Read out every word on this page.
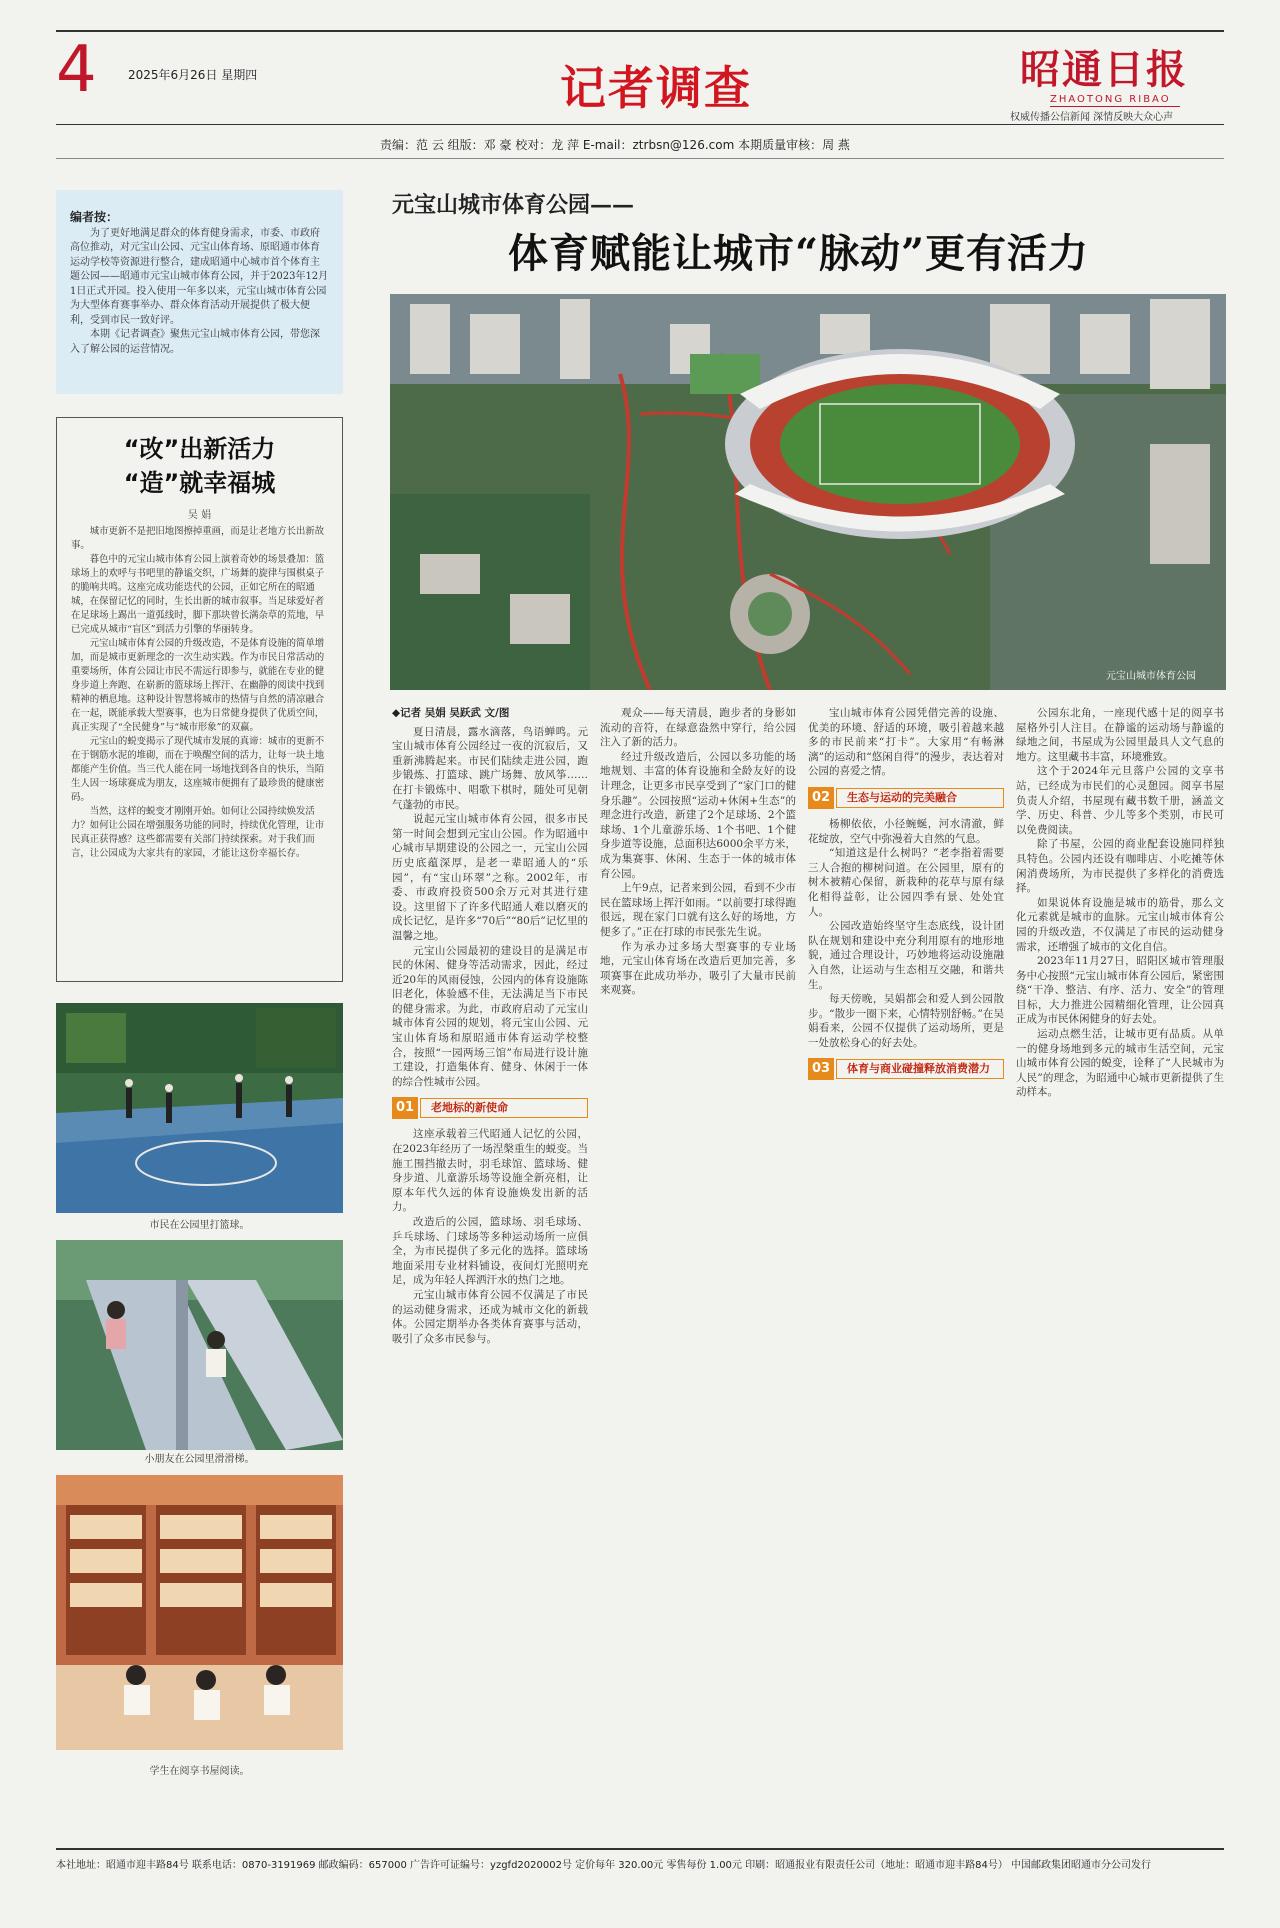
4	2025年6月26日 星期四	记者调查	昭通日报
ZHAOTONG RIBAO
权威传播公信新闻 深情反映大众心声
责编：范 云 组版：邓 豪 校对：龙 萍 E-mail：ztrbsn@126.com 本期质量审核：周 燕
编者按：

为了更好地满足群众的体育健身需求，市委、市政府高位推动，对元宝山公园、元宝山体育场、原昭通市体育运动学校等资源进行整合，建成昭通中心城市首个体育主题公园——昭通市元宝山城市体育公园，并于2023年12月1日正式开园。投入使用一年多以来，元宝山城市体育公园为大型体育赛事举办、群众体育活动开展提供了极大便利，受到市民一致好评。

本期《记者调查》聚焦元宝山城市体育公园，带您深入了解公园的运营情况。

“改”出新活力
“造”就幸福城
吴 娟

城市更新不是把旧地图擦掉重画，而是让老地方长出新故事。

暮色中的元宝山城市体育公园上演着奇妙的场景叠加：篮球场上的欢呼与书吧里的静谧交织，广场舞的旋律与围棋桌子的脆响共鸣。这座完成功能迭代的公园，正如它所在的昭通城，在保留记忆的同时，生长出新的城市叙事。当足球爱好者在足球场上踢出一道弧线时，脚下那块曾长满杂草的荒地，早已完成从城市“盲区”到活力引擎的华丽转身。

元宝山城市体育公园的升级改造，不是体育设施的简单增加，而是城市更新理念的一次生动实践。作为市民日常活动的重要场所，体育公园让市民不需远行即参与，就能在专业的健身步道上奔跑、在崭新的篮球场上挥汗、在幽静的阅读中找到精神的栖息地。这种设计智慧将城市的热情与自然的清凉融合在一起，既能承载大型赛事，也为日常健身提供了优质空间，真正实现了“全民健身”与“城市形象”的双赢。

元宝山的蜕变揭示了现代城市发展的真谛：城市的更新不在于钢筋水泥的堆砌，而在于唤醒空间的活力，让每一块土地都能产生价值。当三代人能在同一场地找到各自的快乐，当陌生人因一场球赛成为朋友，这座城市便拥有了最珍贵的健康密码。

当然，这样的蜕变才刚刚开始。如何让公园持续焕发活力？如何让公园在增强服务功能的同时，持续优化管理，让市民真正获得感？这些都需要有关部门持续探索。对于我们而言，让公园成为大家共有的家园，才能让这份幸福长存。

市民在公园里打篮球。
小朋友在公园里滑滑梯。
学生在阅享书屋阅读。
元宝山城市体育公园——
体育赋能让城市“脉动”更有活力
元宝山城市体育公园
◆记者 吴娟 吴跃武 文/图

夏日清晨，露水滴落，鸟语蝉鸣。元宝山城市体育公园经过一夜的沉寂后，又重新沸腾起来。市民们陆续走进公园，跑步锻炼、打篮球、跳广场舞、放风筝……在打卡锻炼中、唱歌下棋时，随处可见朝气蓬勃的市民。

说起元宝山城市体育公园，很多市民第一时间会想到元宝山公园。作为昭通中心城市早期建设的公园之一，元宝山公园历史底蕴深厚，是老一辈昭通人的“乐园”，有“宝山环翠”之称。2002年，市委、市政府投资500余万元对其进行建设。这里留下了许多代昭通人难以磨灭的成长记忆，是许多“70后”“80后”记忆里的温馨之地。

元宝山公园最初的建设目的是满足市民的休闲、健身等活动需求，因此，经过近20年的风雨侵蚀，公园内的体育设施陈旧老化，体验感不佳，无法满足当下市民的健身需求。为此，市政府启动了元宝山城市体育公园的规划，将元宝山公园、元宝山体育场和原昭通市体育运动学校整合，按照“一园两场三馆”布局进行设计施工建设，打造集体育、健身、休闲于一体的综合性城市公园。

01	老地标的新使命

这座承载着三代昭通人记忆的公园，在2023年经历了一场涅槃重生的蜕变。当施工围挡撤去时，羽毛球馆、篮球场、健身步道、儿童游乐场等设施全新亮相，让原本年代久远的体育设施焕发出新的活力。

改造后的公园，篮球场、羽毛球场、乒乓球场、门球场等多种运动场所一应俱全，为市民提供了多元化的选择。篮球场地面采用专业材料铺设，夜间灯光照明充足，成为年轻人挥洒汗水的热门之地。

元宝山城市体育公园不仅满足了市民的运动健身需求，还成为城市文化的新载体。公园定期举办各类体育赛事与活动，吸引了众多市民参与。

观众——每天清晨，跑步者的身影如流动的音符，在绿意盎然中穿行，给公园注入了新的活力。

经过升级改造后，公园以多功能的场地规划、丰富的体育设施和全龄友好的设计理念，让更多市民享受到了“家门口的健身乐趣”。公园按照“运动+休闲+生态”的理念进行改造，新建了2个足球场、2个篮球场、1个儿童游乐场、1个书吧、1个健身步道等设施，总面积达6000余平方米，成为集赛事、休闲、生态于一体的城市体育公园。

上午9点，记者来到公园，看到不少市民在篮球场上挥汗如雨。“以前要打球得跑很远，现在家门口就有这么好的场地，方便多了。”正在打球的市民张先生说。

作为承办过多场大型赛事的专业场地，元宝山体育场在改造后更加完善，多项赛事在此成功举办，吸引了大量市民前来观赛。

宝山城市体育公园凭借完善的设施、优美的环境、舒适的环境，吸引着越来越多的市民前来“打卡”。大家用“有畅淋漓”的运动和“悠闲自得”的漫步，表达着对公园的喜爱之情。

02	生态与运动的完美融合

杨柳依依，小径蜿蜒，河水清澈，鲜花绽放，空气中弥漫着大自然的气息。

“知道这是什么树吗？”老李指着需要三人合抱的柳树问道。在公园里，原有的树木被精心保留，新栽种的花草与原有绿化相得益彰，让公园四季有景、处处宜人。

公园改造始终坚守生态底线，设计团队在规划和建设中充分利用原有的地形地貌，通过合理设计，巧妙地将运动设施融入自然，让运动与生态相互交融，和谐共生。

每天傍晚，吴娟都会和爱人到公园散步。“散步一圈下来，心情特别舒畅。”在吴娟看来，公园不仅提供了运动场所，更是一处放松身心的好去处。

03	体育与商业碰撞释放消费潜力

公园东北角，一座现代感十足的阅享书屋格外引人注目。在静谧的运动场与静谧的绿地之间，书屋成为公园里最具人文气息的地方。这里藏书丰富，环境雅致。

这个于2024年元旦落户公园的文享书站，已经成为市民们的心灵憩园。阅享书屋负责人介绍，书屋现有藏书数千册，涵盖文学、历史、科普、少儿等多个类别，市民可以免费阅读。

除了书屋，公园的商业配套设施同样独具特色。公园内还设有咖啡店、小吃摊等休闲消费场所，为市民提供了多样化的消费选择。

如果说体育设施是城市的筋骨，那么文化元素就是城市的血脉。元宝山城市体育公园的升级改造，不仅满足了市民的运动健身需求，还增强了城市的文化自信。

2023年11月27日，昭阳区城市管理服务中心按照“元宝山城市体育公园后，紧密围绕“干净、整洁、有序、活力、安全”的管理目标，大力推进公园精细化管理，让公园真正成为市民休闲健身的好去处。

运动点燃生活，让城市更有品质。从单一的健身场地到多元的城市生活空间，元宝山城市体育公园的蜕变，诠释了“人民城市为人民”的理念，为昭通中心城市更新提供了生动样本。

本社地址：昭通市迎丰路84号 联系电话：0870-3191969 邮政编码：657000 广告许可证编号：yzgfd2020002号 定价每年 320.00元 零售每份 1.00元 印刷：昭通报业有限责任公司（地址：昭通市迎丰路84号） 中国邮政集团昭通市分公司发行
